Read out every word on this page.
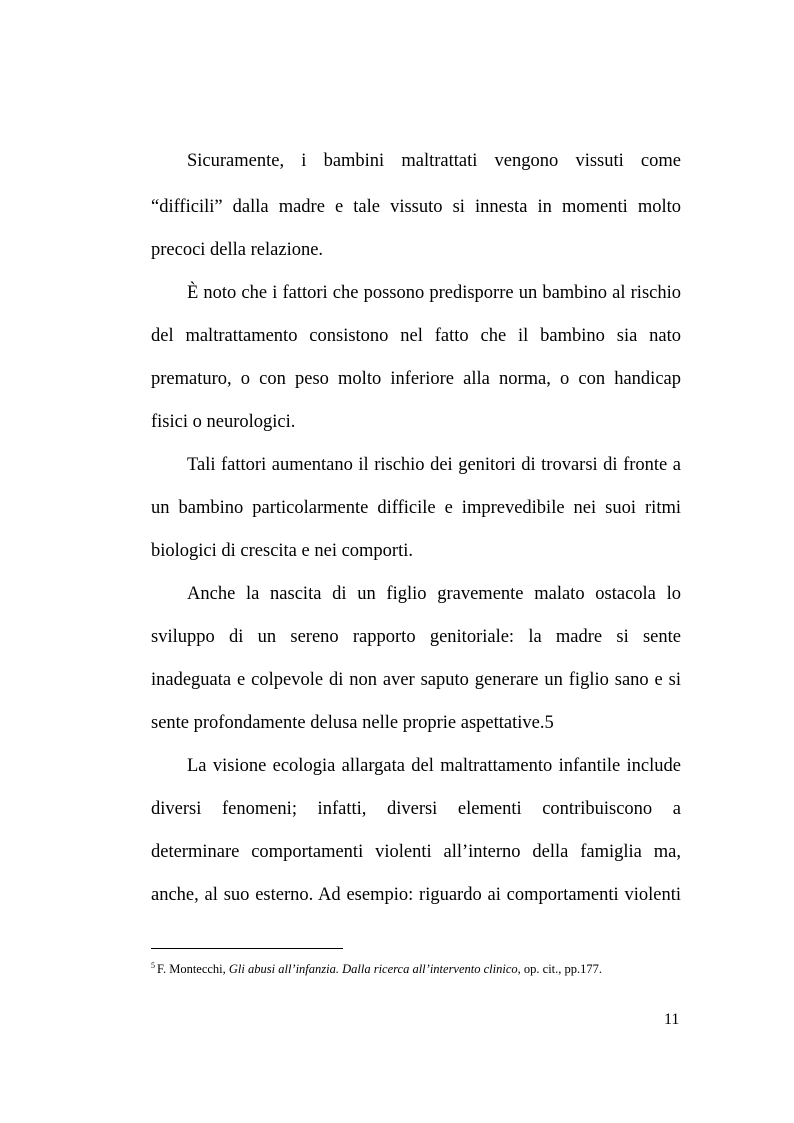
Sicuramente, i bambini maltrattati vengono vissuti come
“difficili” dalla madre e tale vissuto si innesta in momenti molto
precoci della relazione.
È noto che i fattori che possono predisporre un bambino al rischio
del maltrattamento consistono nel fatto che il bambino sia nato
prematuro, o con peso molto inferiore alla norma, o con handicap
fisici o neurologici.
Tali fattori aumentano il rischio dei genitori di trovarsi di fronte a
un bambino particolarmente difficile e imprevedibile nei suoi ritmi
biologici di crescita e nei comporti.
Anche la nascita di un figlio gravemente malato ostacola lo
sviluppo di un sereno rapporto genitoriale: la madre si sente
inadeguata e colpevole di non aver saputo generare un figlio sano e si
sente profondamente delusa nelle proprie aspettative.5
La visione ecologia allargata del maltrattamento infantile include
diversi fenomeni; infatti, diversi elementi contribuiscono a
determinare comportamenti violenti all’interno della famiglia ma,
anche, al suo esterno. Ad esempio: riguardo ai comportamenti violenti
$^5$ F. Montecchi, Gli abusi all’infanzia. Dalla ricerca all’intervento clinico, op. cit., pp.177.
11
